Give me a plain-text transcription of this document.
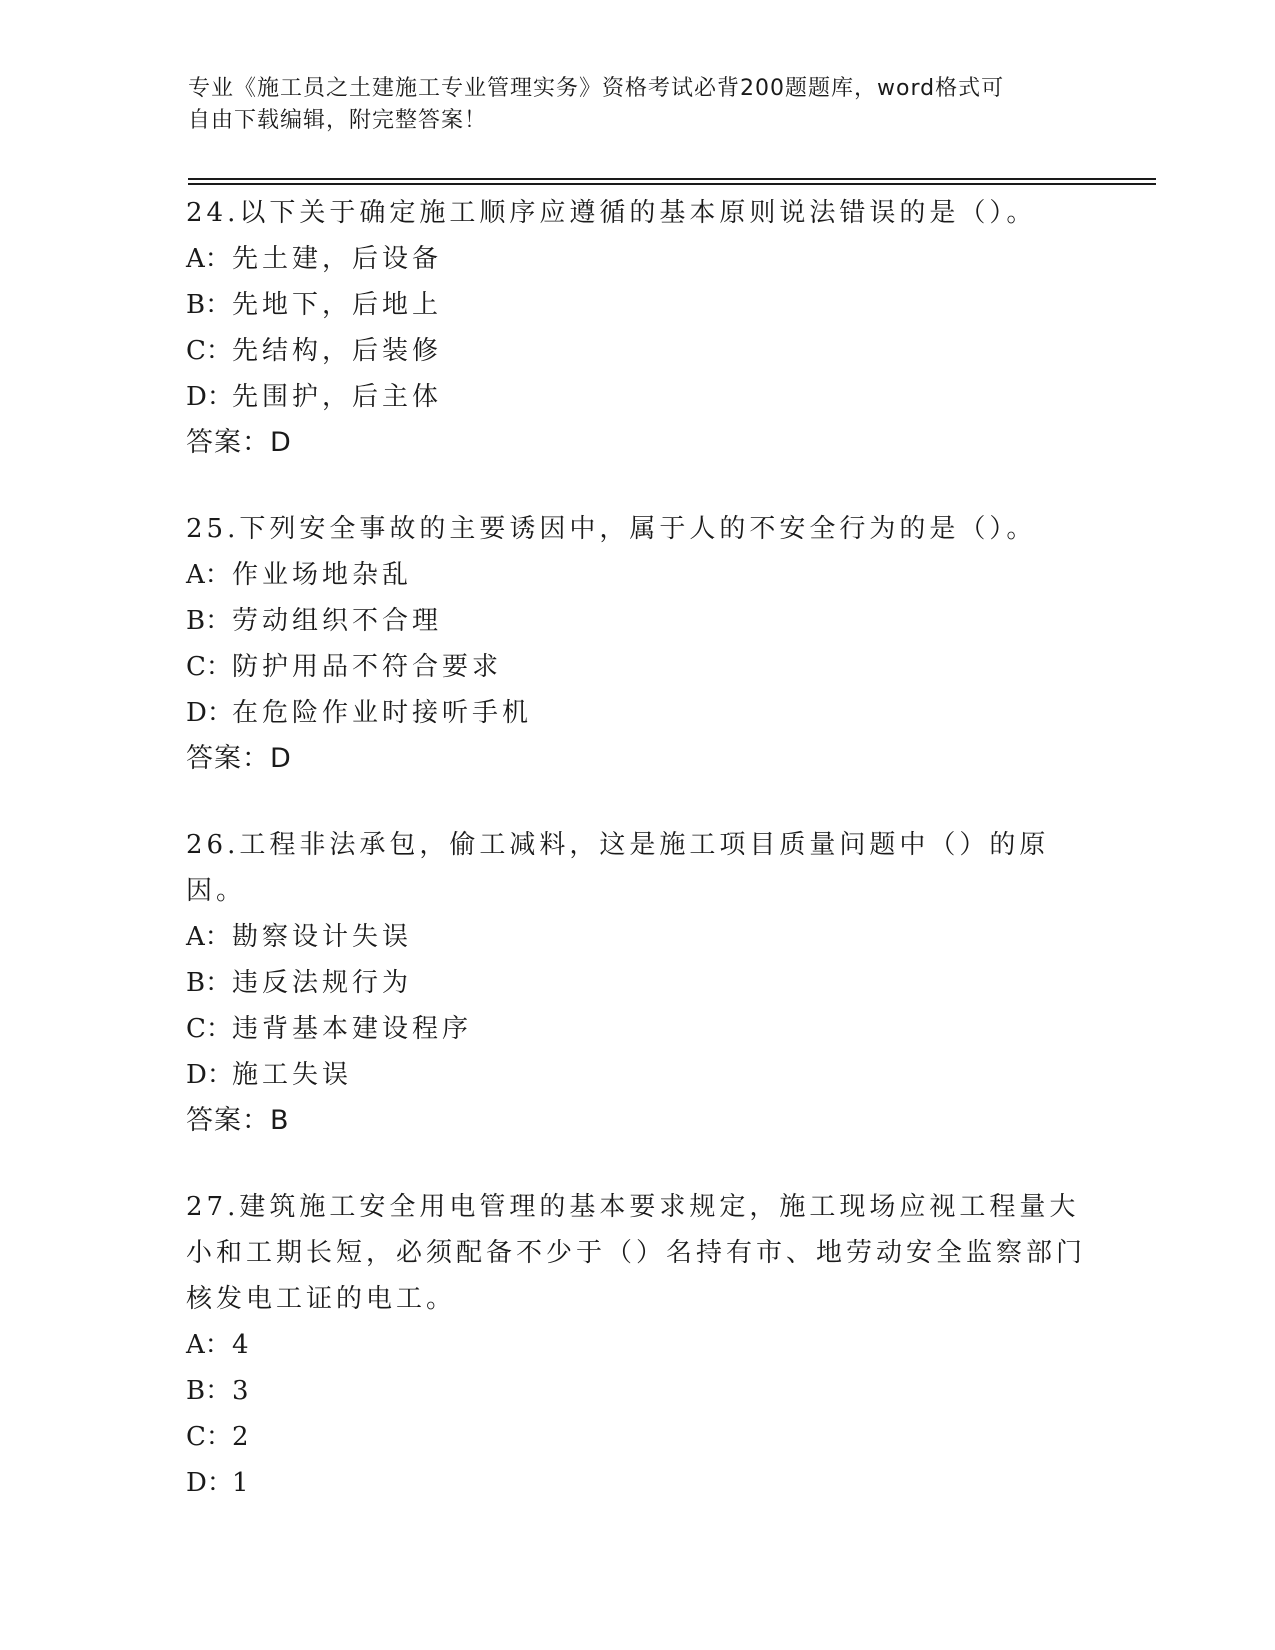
专业《施工员之土建施工专业管理实务》资格考试必背200题题库，word格式可
自由下载编辑，附完整答案！

24.以下关于确定施工顺序应遵循的基本原则说法错误的是（）。

A：先土建，后设备

B：先地下，后地上

C：先结构，后装修

D：先围护，后主体

答案：D

25.下列安全事故的主要诱因中，属于人的不安全行为的是（）。

A：作业场地杂乱

B：劳动组织不合理

C：防护用品不符合要求

D：在危险作业时接听手机

答案：D

26.工程非法承包，偷工减料，这是施工项目质量问题中（）的原因。

A：勘察设计失误

B：违反法规行为

C：违背基本建设程序

D：施工失误

答案：B

27.建筑施工安全用电管理的基本要求规定，施工现场应视工程量大小和工期长短，必须配备不少于（）名持有市、地劳动安全监察部门核发电工证的电工。

A：4

B：3

C：2

D：1
